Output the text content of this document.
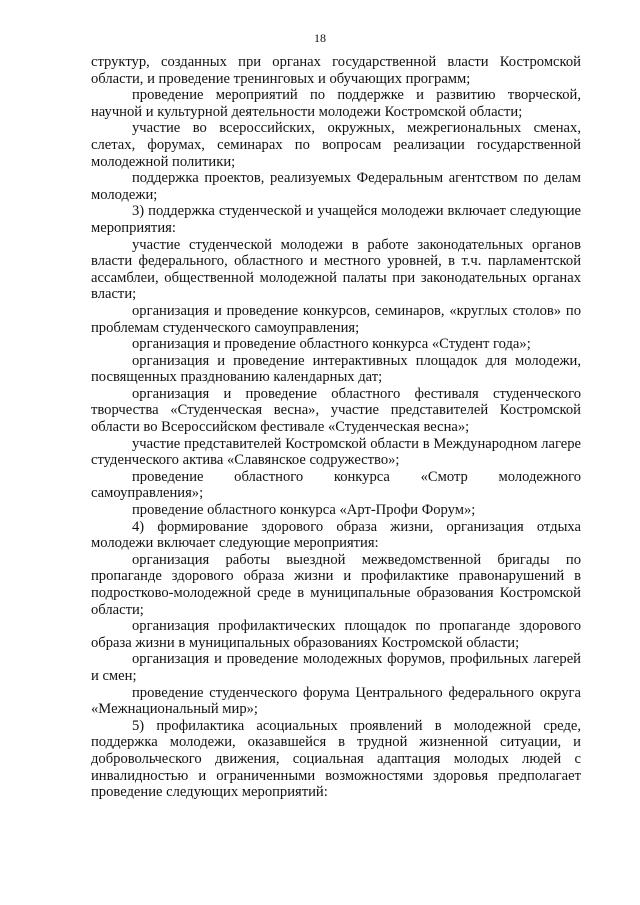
18

структур, созданных при органах государственной власти Костромской области, и проведение тренинговых и обучающих программ;

проведение мероприятий по поддержке и развитию творческой, научной и культурной деятельности молодежи Костромской области;

участие во всероссийских, окружных, межрегиональных сменах, слетах, форумах, семинарах по вопросам реализации государственной молодежной политики;

поддержка проектов, реализуемых Федеральным агентством по делам молодежи;

3) поддержка студенческой и учащейся молодежи включает следующие мероприятия:

участие студенческой молодежи в работе законодательных органов власти федерального, областного и местного уровней, в т.ч. парламентской ассамблеи, общественной молодежной палаты при законодательных органах власти;

организация и проведение конкурсов, семинаров, «круглых столов» по проблемам студенческого самоуправления;

организация и проведение областного конкурса «Студент года»;

организация и проведение интерактивных площадок для молодежи, посвященных празднованию календарных дат;

организация и проведение областного фестиваля студенческого творчества «Студенческая весна», участие представителей Костромской области во Всероссийском фестивале «Студенческая весна»;

участие представителей Костромской области в Международном лагере студенческого актива «Славянское содружество»;

проведение областного конкурса «Смотр молодежного самоуправления»;

проведение областного конкурса «Арт-Профи Форум»;

4) формирование здорового образа жизни, организация отдыха молодежи включает следующие мероприятия:

организация работы выездной межведомственной бригады по пропаганде здорового образа жизни и профилактике правонарушений в подростково-молодежной среде в муниципальные образования Костромской области;

организация профилактических площадок по пропаганде здорового образа жизни в муниципальных образованиях Костромской области;

организация и проведение молодежных форумов, профильных лагерей и смен;

проведение студенческого форума Центрального федерального округа «Межнациональный мир»;

5) профилактика асоциальных проявлений в молодежной среде, поддержка молодежи, оказавшейся в трудной жизненной ситуации, и добровольческого движения, социальная адаптация молодых людей с инвалидностью и ограниченными возможностями здоровья предполагает проведение следующих мероприятий:
